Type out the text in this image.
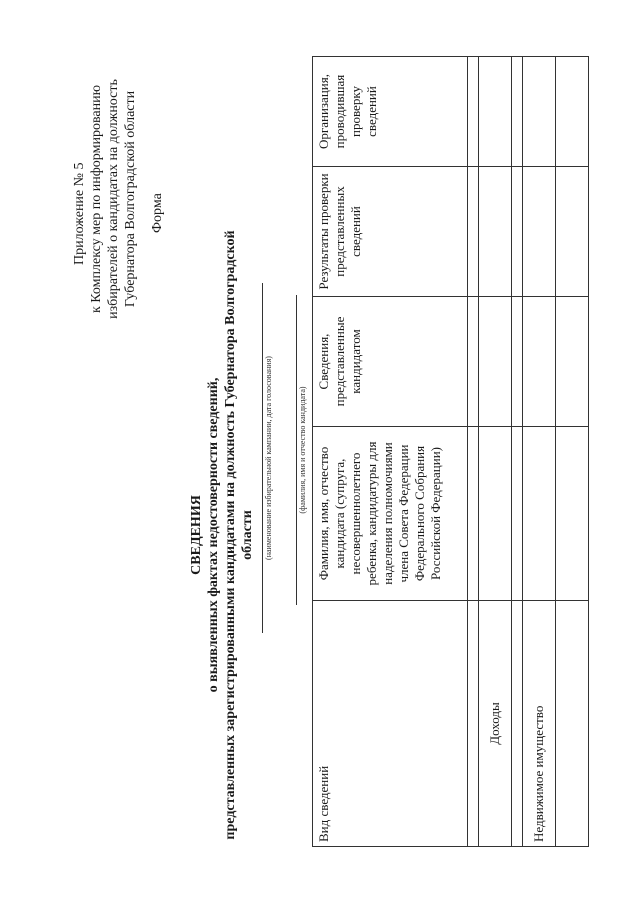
Приложение № 5 к Комплексу мер по информированию избирателей о кандидатах на должность Губернатора Волгоградской области Форма
СВЕДЕНИЯ о выявленных фактах недостоверности сведений, представленных зарегистрированными кандидатами на должность Губернатора Волгоградской области (наименование избирательной кампании, дата голосования)	(фамилия, имя и отчество кандидата)
Вид сведений	Фамилия, имя, отчество кандидата (супруга, несовершеннолетнего ребенка, кандидатуры для наделения полномочиями члена Совета Федерации Федерального Собрания Российской Федерации)	Сведения, представленные кандидатом	Результаты проверки представленных сведений	Организация, проводившая проверку сведений

Доходы				

Недвижимое имущество				
